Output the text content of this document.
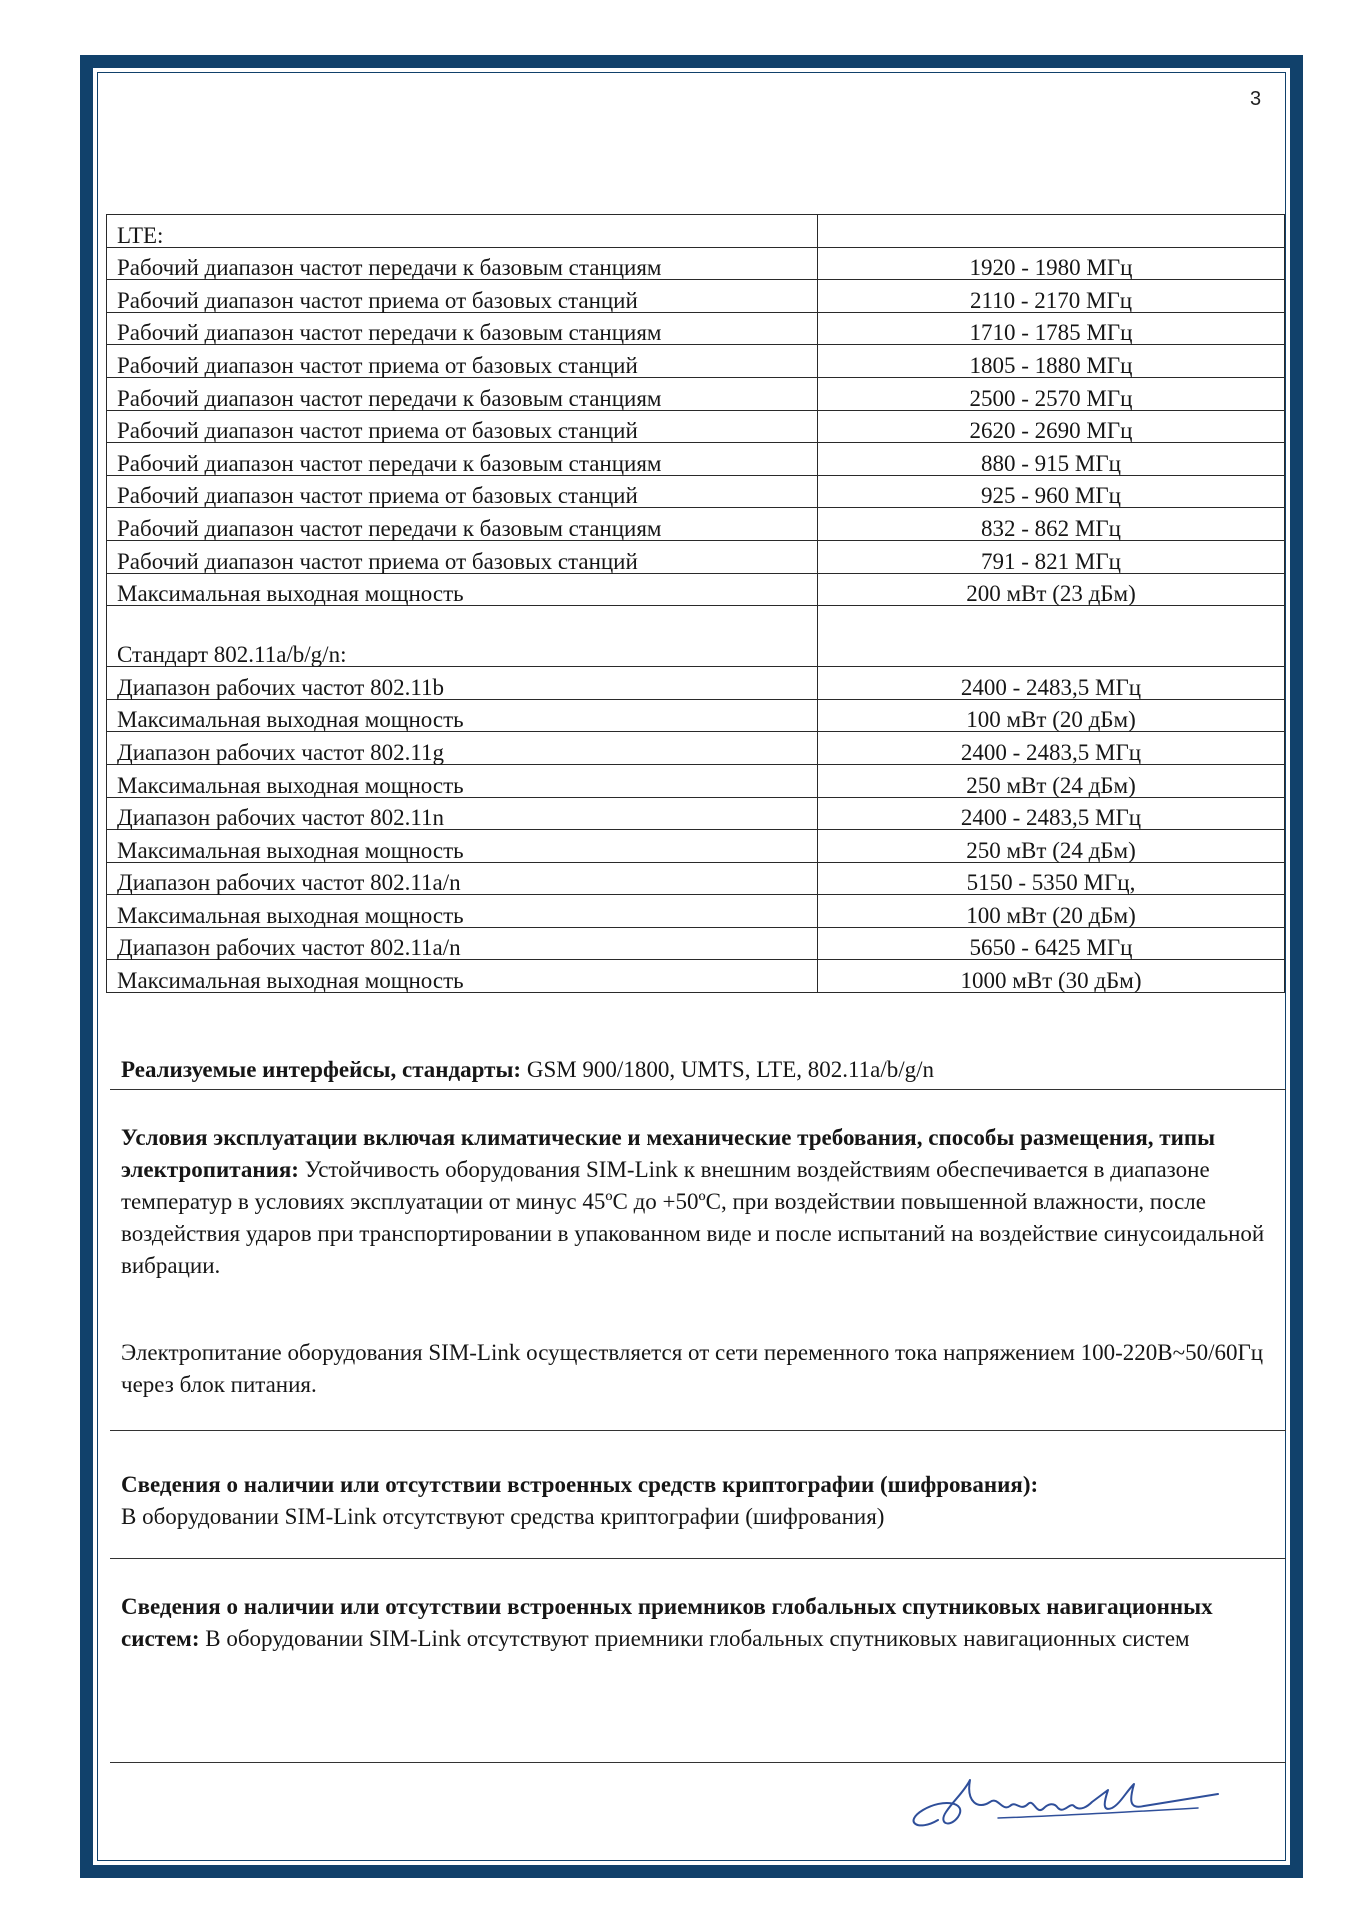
3
LTE:	
Рабочий диапазон частот передачи к базовым станциям	1920 - 1980 МГц
Рабочий диапазон частот приема от базовых станций	2110 - 2170 МГц
Рабочий диапазон частот передачи к базовым станциям	1710 - 1785 МГц
Рабочий диапазон частот приема от базовых станций	1805 - 1880 МГц
Рабочий диапазон частот передачи к базовым станциям	2500 - 2570 МГц
Рабочий диапазон частот приема от базовых станций	2620 - 2690 МГц
Рабочий диапазон частот передачи к базовым станциям	880 - 915 МГц
Рабочий диапазон частот приема от базовых станций	925 - 960 МГц
Рабочий диапазон частот передачи к базовым станциям	832 - 862 МГц
Рабочий диапазон частот приема от базовых станций	791 - 821 МГц
Максимальная выходная мощность	200 мВт (23 дБм)
Стандарт 802.11a/b/g/n:	
Диапазон рабочих частот 802.11b	2400 - 2483,5 МГц
Максимальная выходная мощность	100 мВт (20 дБм)
Диапазон рабочих частот 802.11g	2400 - 2483,5 МГц
Максимальная выходная мощность	250 мВт (24 дБм)
Диапазон рабочих частот 802.11n	2400 - 2483,5 МГц
Максимальная выходная мощность	250 мВт (24 дБм)
Диапазон рабочих частот 802.11a/n	5150 - 5350 МГц,
Максимальная выходная мощность	100 мВт (20 дБм)
Диапазон рабочих частот 802.11a/n	5650 - 6425 МГц
Максимальная выходная мощность	1000 мВт (30 дБм)
Реализуемые интерфейсы, стандарты: GSM 900/1800, UMTS, LTE, 802.11a/b/g/n
Условия эксплуатации включая климатические и механические требования, способы размещения, типы электропитания: Устойчивость оборудования SIM-Link к внешним воздействиям обеспечивается в диапазоне температур в условиях эксплуатации от минус 45ºС до +50ºС, при воздействии повышенной влажности, после воздействия ударов при транспортировании в упакованном виде и после испытаний на воздействие синусоидальной вибрации.
Электропитание оборудования SIM-Link осуществляется от сети переменного тока напряжением 100-220В~50/60Гц через блок питания.
Сведения о наличии или отсутствии встроенных средств криптографии (шифрования):
В оборудовании SIM-Link отсутствуют средства криптографии (шифрования)
Сведения о наличии или отсутствии встроенных приемников глобальных спутниковых навигационных систем: В оборудовании SIM-Link отсутствуют приемники глобальных спутниковых навигационных систем
